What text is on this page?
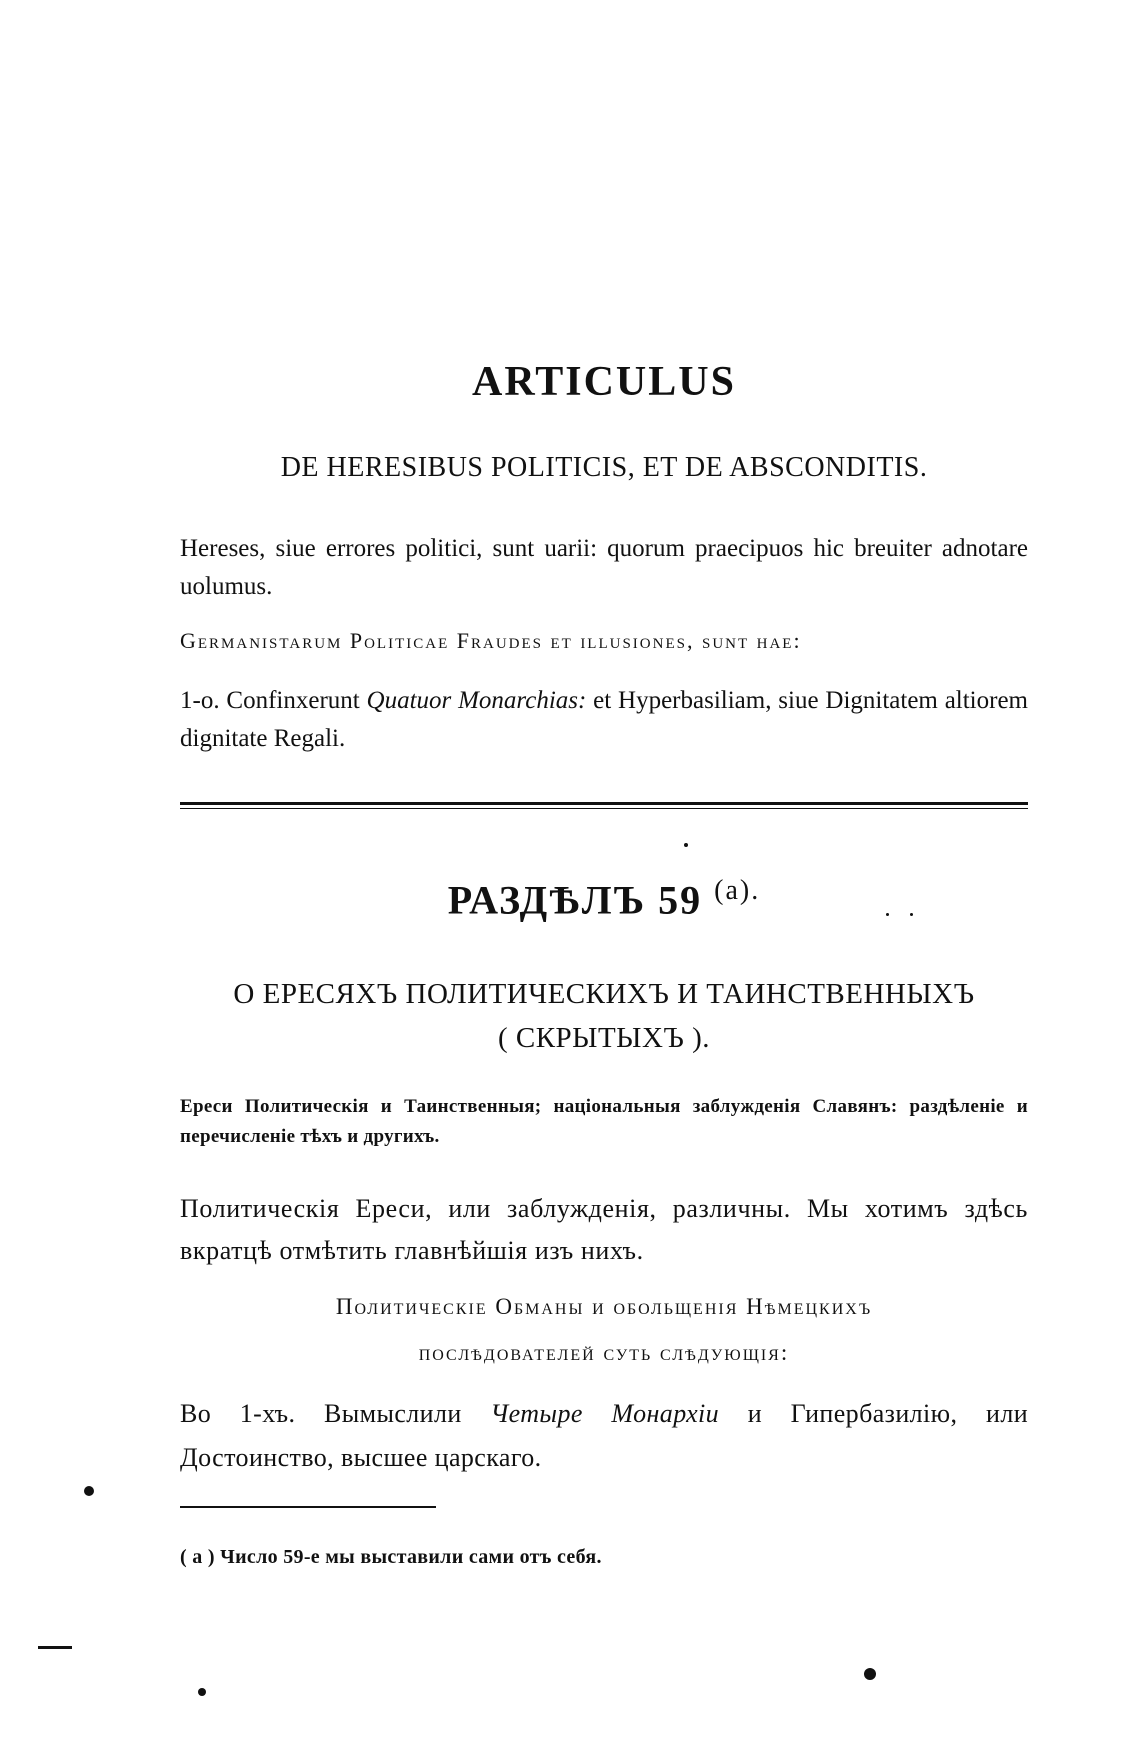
ARTICULUS
DE HERESIBUS POLITICIS, ET DE ABSCONDITIS.
Hereses, siue errores politici, sunt uarii: quorum praecipuos hic breuiter adnotare uolumus.
Germanistarum Politicae Fraudes et illusiones, sunt hae:
1-o. Confinxerunt Quatuor Monarchias: et Hyperbasiliam, siue Dignitatem altiorem dignitate Regali.
РАЗДѢЛЪ 59 $^{(а).}$
О ЕРЕСЯХЪ ПОЛИТИЧЕСКИХЪ И ТАИНСТВЕННЫХЪ
( СКРЫТЫХЪ ).
Ереси Политическія и Таинственныя; національныя заблужденія Славянъ: раздѣленіе и перечисленіе тѣхъ и другихъ.
Политическія Ереси, или заблужденія, различны. Мы хотимъ здѣсь вкратцѣ отмѣтить главнѣйшія изъ нихъ.
Политическіе Обманы и обольщенія Нѣмецкихъ
послѣдователей суть слѣдующія:
Во 1-хъ. Вымыслили Четыре Монархіи и Гипербазилію, или Достоинство, высшее царскаго.
( а ) Число 59-е мы выставили сами отъ себя.
